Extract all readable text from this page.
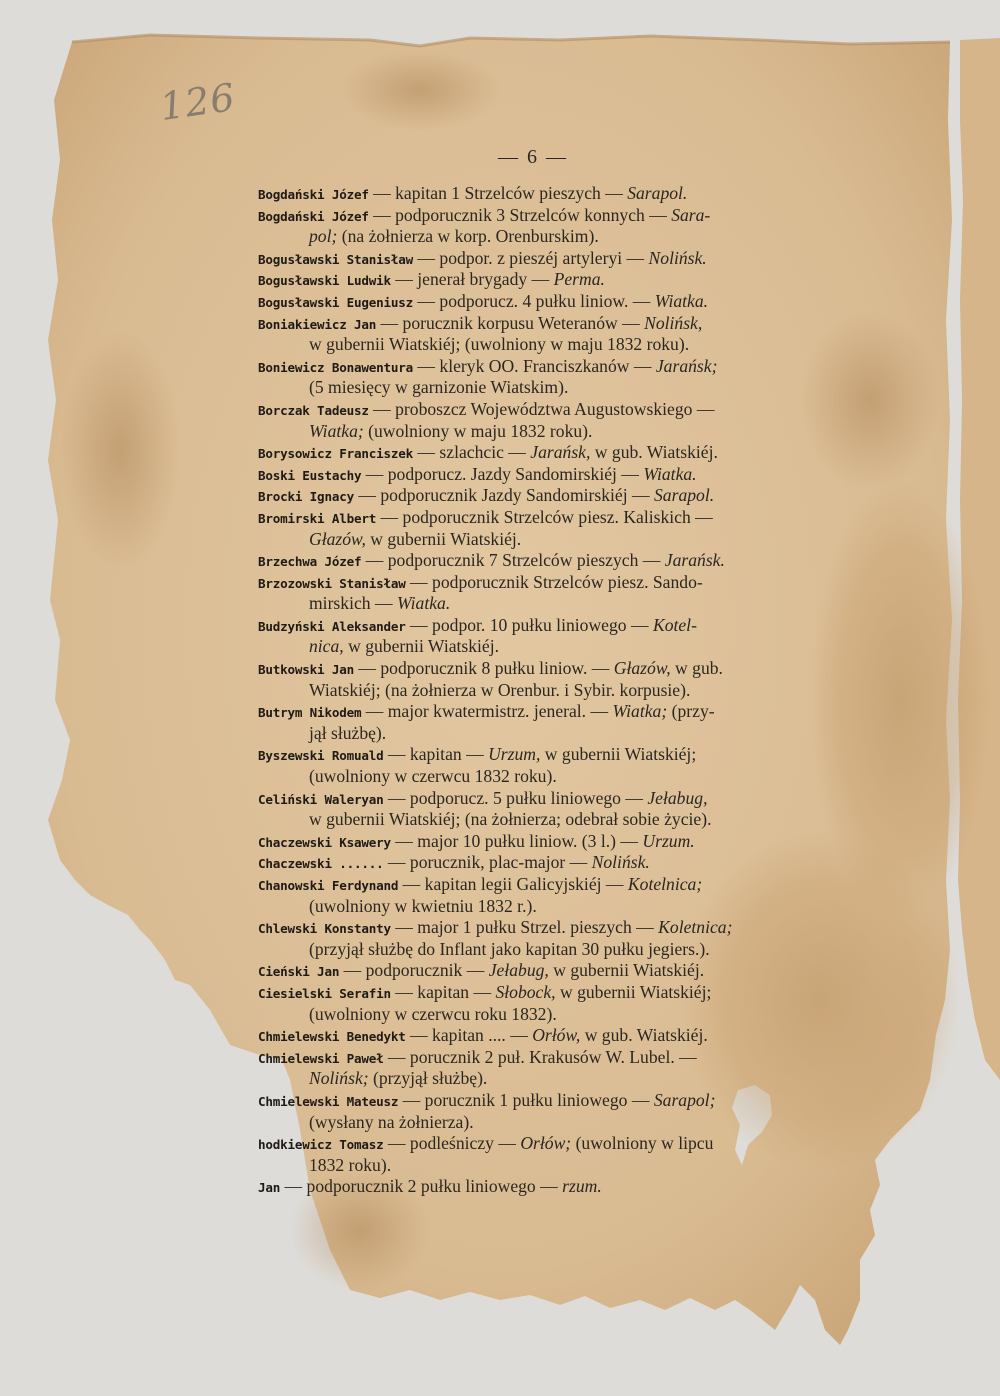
126
— 6 —
Bogdański Józef — kapitan 1 Strzelców pieszych — Sarapol.
Bogdański Józef — podporucznik 3 Strzelców konnych — Sara-
pol; (na żołnierza w korp. Orenburskim).
Bogusławski Stanisław — podpor. z pieszéj artyleryi — Nolińsk.
Bogusławski Ludwik — jenerał brygady — Perma.
Bogusławski Eugeniusz — podporucz. 4 pułku liniow. — Wiatka.
Boniakiewicz Jan — porucznik korpusu Weteranów — Nolińsk,
w gubernii Wiatskiéj; (uwolniony w maju 1832 roku).
Boniewicz Bonawentura — kleryk OO. Franciszkanów — Jarańsk;
(5 miesięcy w garnizonie Wiatskim).
Borczak Tadeusz — proboszcz Województwa Augustowskiego —
Wiatka; (uwolniony w maju 1832 roku).
Borysowicz Franciszek — szlachcic — Jarańsk, w gub. Wiatskiéj.
Boski Eustachy — podporucz. Jazdy Sandomirskiéj — Wiatka.
Brocki Ignacy — podporucznik Jazdy Sandomirskiéj — Sarapol.
Bromirski Albert — podporucznik Strzelców piesz. Kaliskich —
Głazów, w gubernii Wiatskiéj.
Brzechwa Józef — podporucznik 7 Strzelców pieszych — Jarańsk.
Brzozowski Stanisław — podporucznik Strzelców piesz. Sando-
mirskich — Wiatka.
Budzyński Aleksander — podpor. 10 pułku liniowego — Kotel-
nica, w gubernii Wiatskiéj.
Butkowski Jan — podporucznik 8 pułku liniow. — Głazów, w gub.
Wiatskiéj; (na żołnierza w Orenbur. i Sybir. korpusie).
Butrym Nikodem — major kwatermistrz. jeneral. — Wiatka; (przy-
jął służbę).
Byszewski Romuald — kapitan — Urzum, w gubernii Wiatskiéj;
(uwolniony w czerwcu 1832 roku).
Celiński Waleryan — podporucz. 5 pułku liniowego — Jełabug,
w gubernii Wiatskiéj; (na żołnierza; odebrał sobie życie).
Chaczewski Ksawery — major 10 pułku liniow. (3 l.) — Urzum.
Chaczewski ...... — porucznik, plac-major — Nolińsk.
Chanowski Ferdynand — kapitan legii Galicyjskiéj — Kotelnica;
(uwolniony w kwietniu 1832 r.).
Chlewski Konstanty — major 1 pułku Strzel. pieszych — Koletnica;
(przyjął służbę do Inflant jako kapitan 30 pułku jegiers.).
Cieński Jan — podporucznik — Jełabug, w gubernii Wiatskiéj.
Ciesielski Serafin — kapitan — Słobock, w gubernii Wiatskiéj;
(uwolniony w czerwcu roku 1832).
Chmielewski Benedykt — kapitan .... — Orłów, w gub. Wiatskiéj.
Chmielewski Paweł — porucznik 2 puł. Krakusów W. Lubel. —
Nolińsk; (przyjął służbę).
Chmielewski Mateusz — porucznik 1 pułku liniowego — Sarapol;
(wysłany na żołnierza).
hodkiewicz Tomasz — podleśniczy — Orłów; (uwolniony w lipcu
1832 roku).
Jan — podporucznik 2 pułku liniowego — rzum.
